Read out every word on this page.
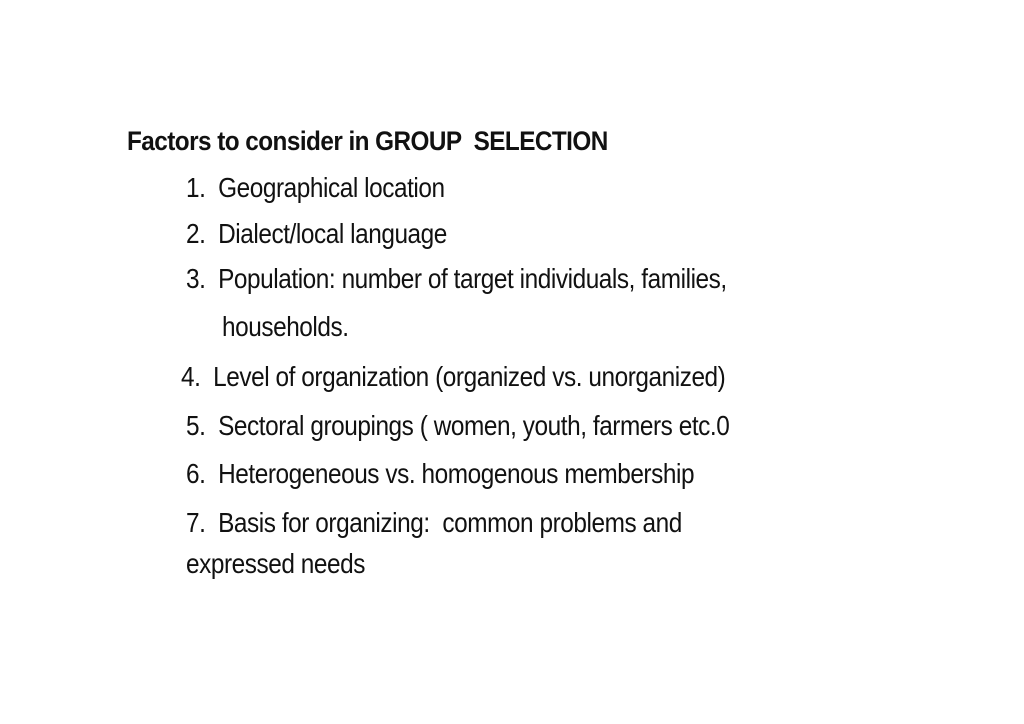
Factors to consider in GROUP  SELECTION
1. Geographical location
2. Dialect/local language
3. Population: number of target individuals, families,
households.
4. Level of organization (organized vs. unorganized)
5. Sectoral groupings ( women, youth, farmers etc.0
6. Heterogeneous vs. homogenous membership
7. Basis for organizing:  common problems and
expressed needs
